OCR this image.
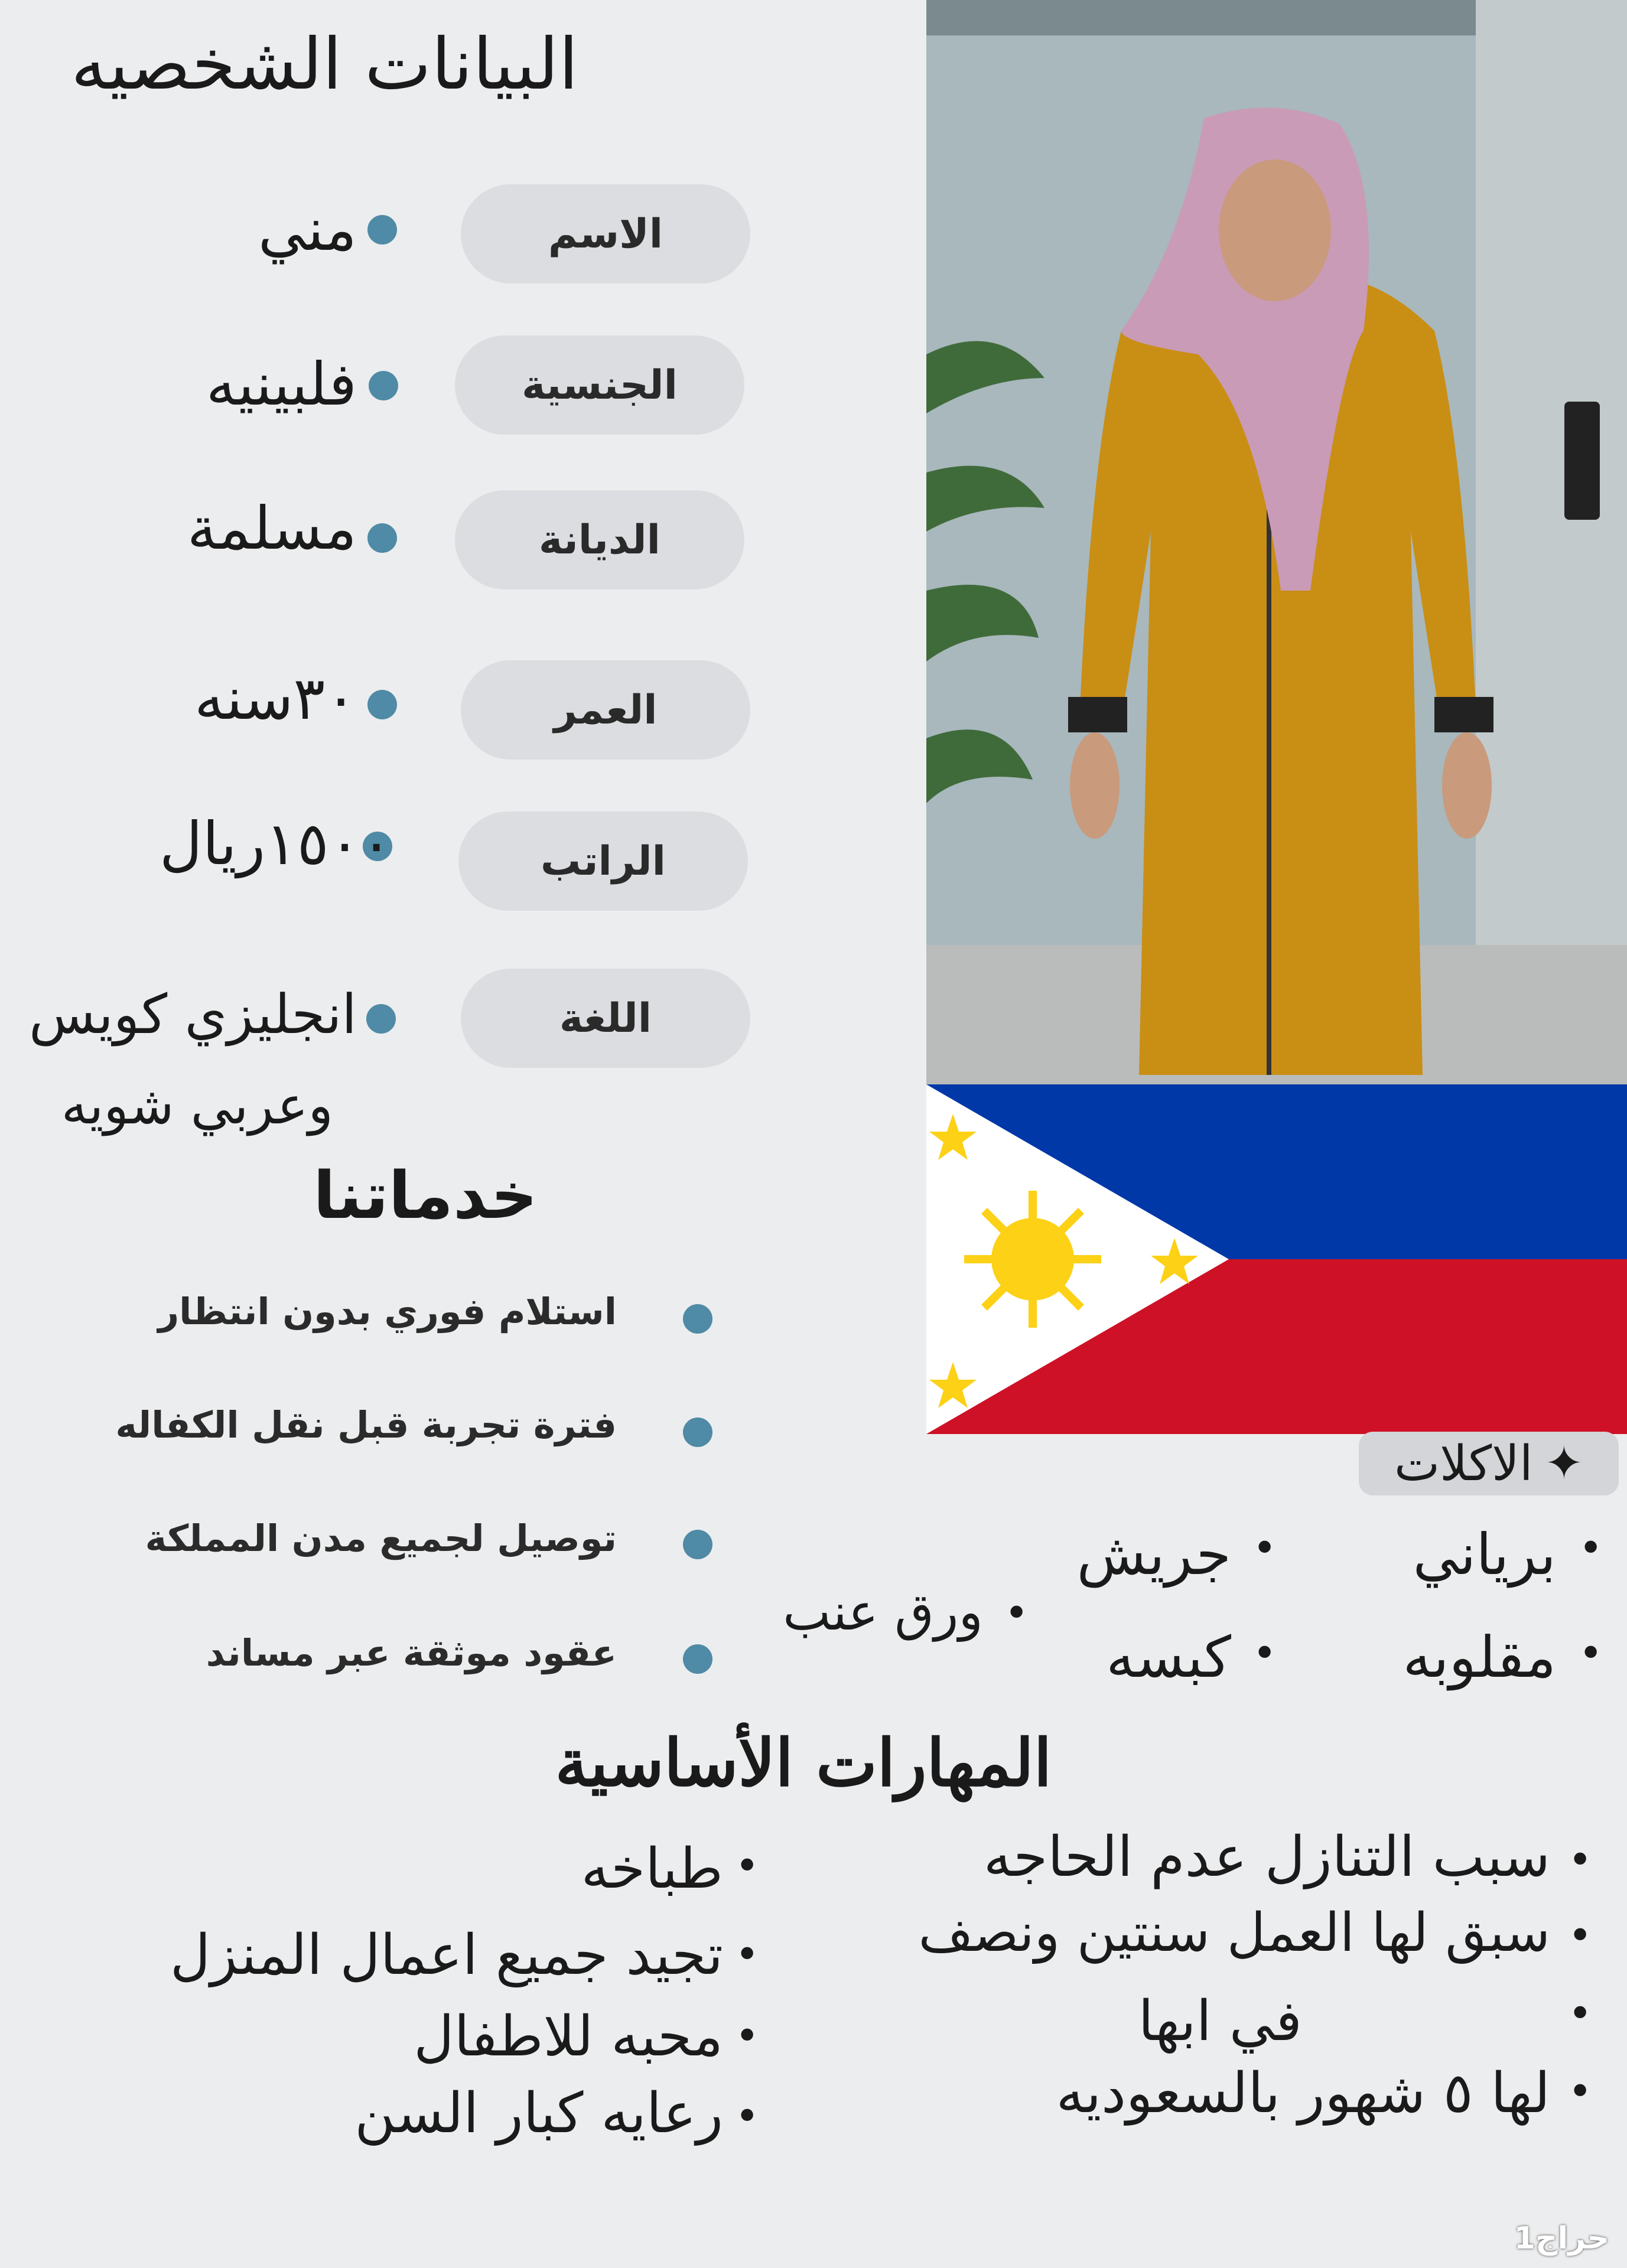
البيانات الشخصيه
الاسم
مني
الجنسية
فلبينيه
الديانة
مسلمة
العمر
٣٠سنه
الراتب
١٥٠٠ريال
اللغة
انجليزي كويس
وعربي شويه
خدماتنا
استلام فوري بدون انتظار
فترة تجربة قبل نقل الكفاله
توصيل لجميع مدن المملكة
عقود موثقة عبر مساند
✦
الاكلات
•
برياني
•
جريش
•
مقلوبه
•
كبسه
•
ورق عنب
المهارات الأساسية
•
طباخه
•
تجيد جميع اعمال المنزل
•
محبه للاطفال
•
رعايه كبار السن
•
سبب التنازل عدم الحاجه
•
سبق لها العمل سنتين ونصف
•
في ابها
•
لها ٥ شهور بالسعوديه
حراج1
